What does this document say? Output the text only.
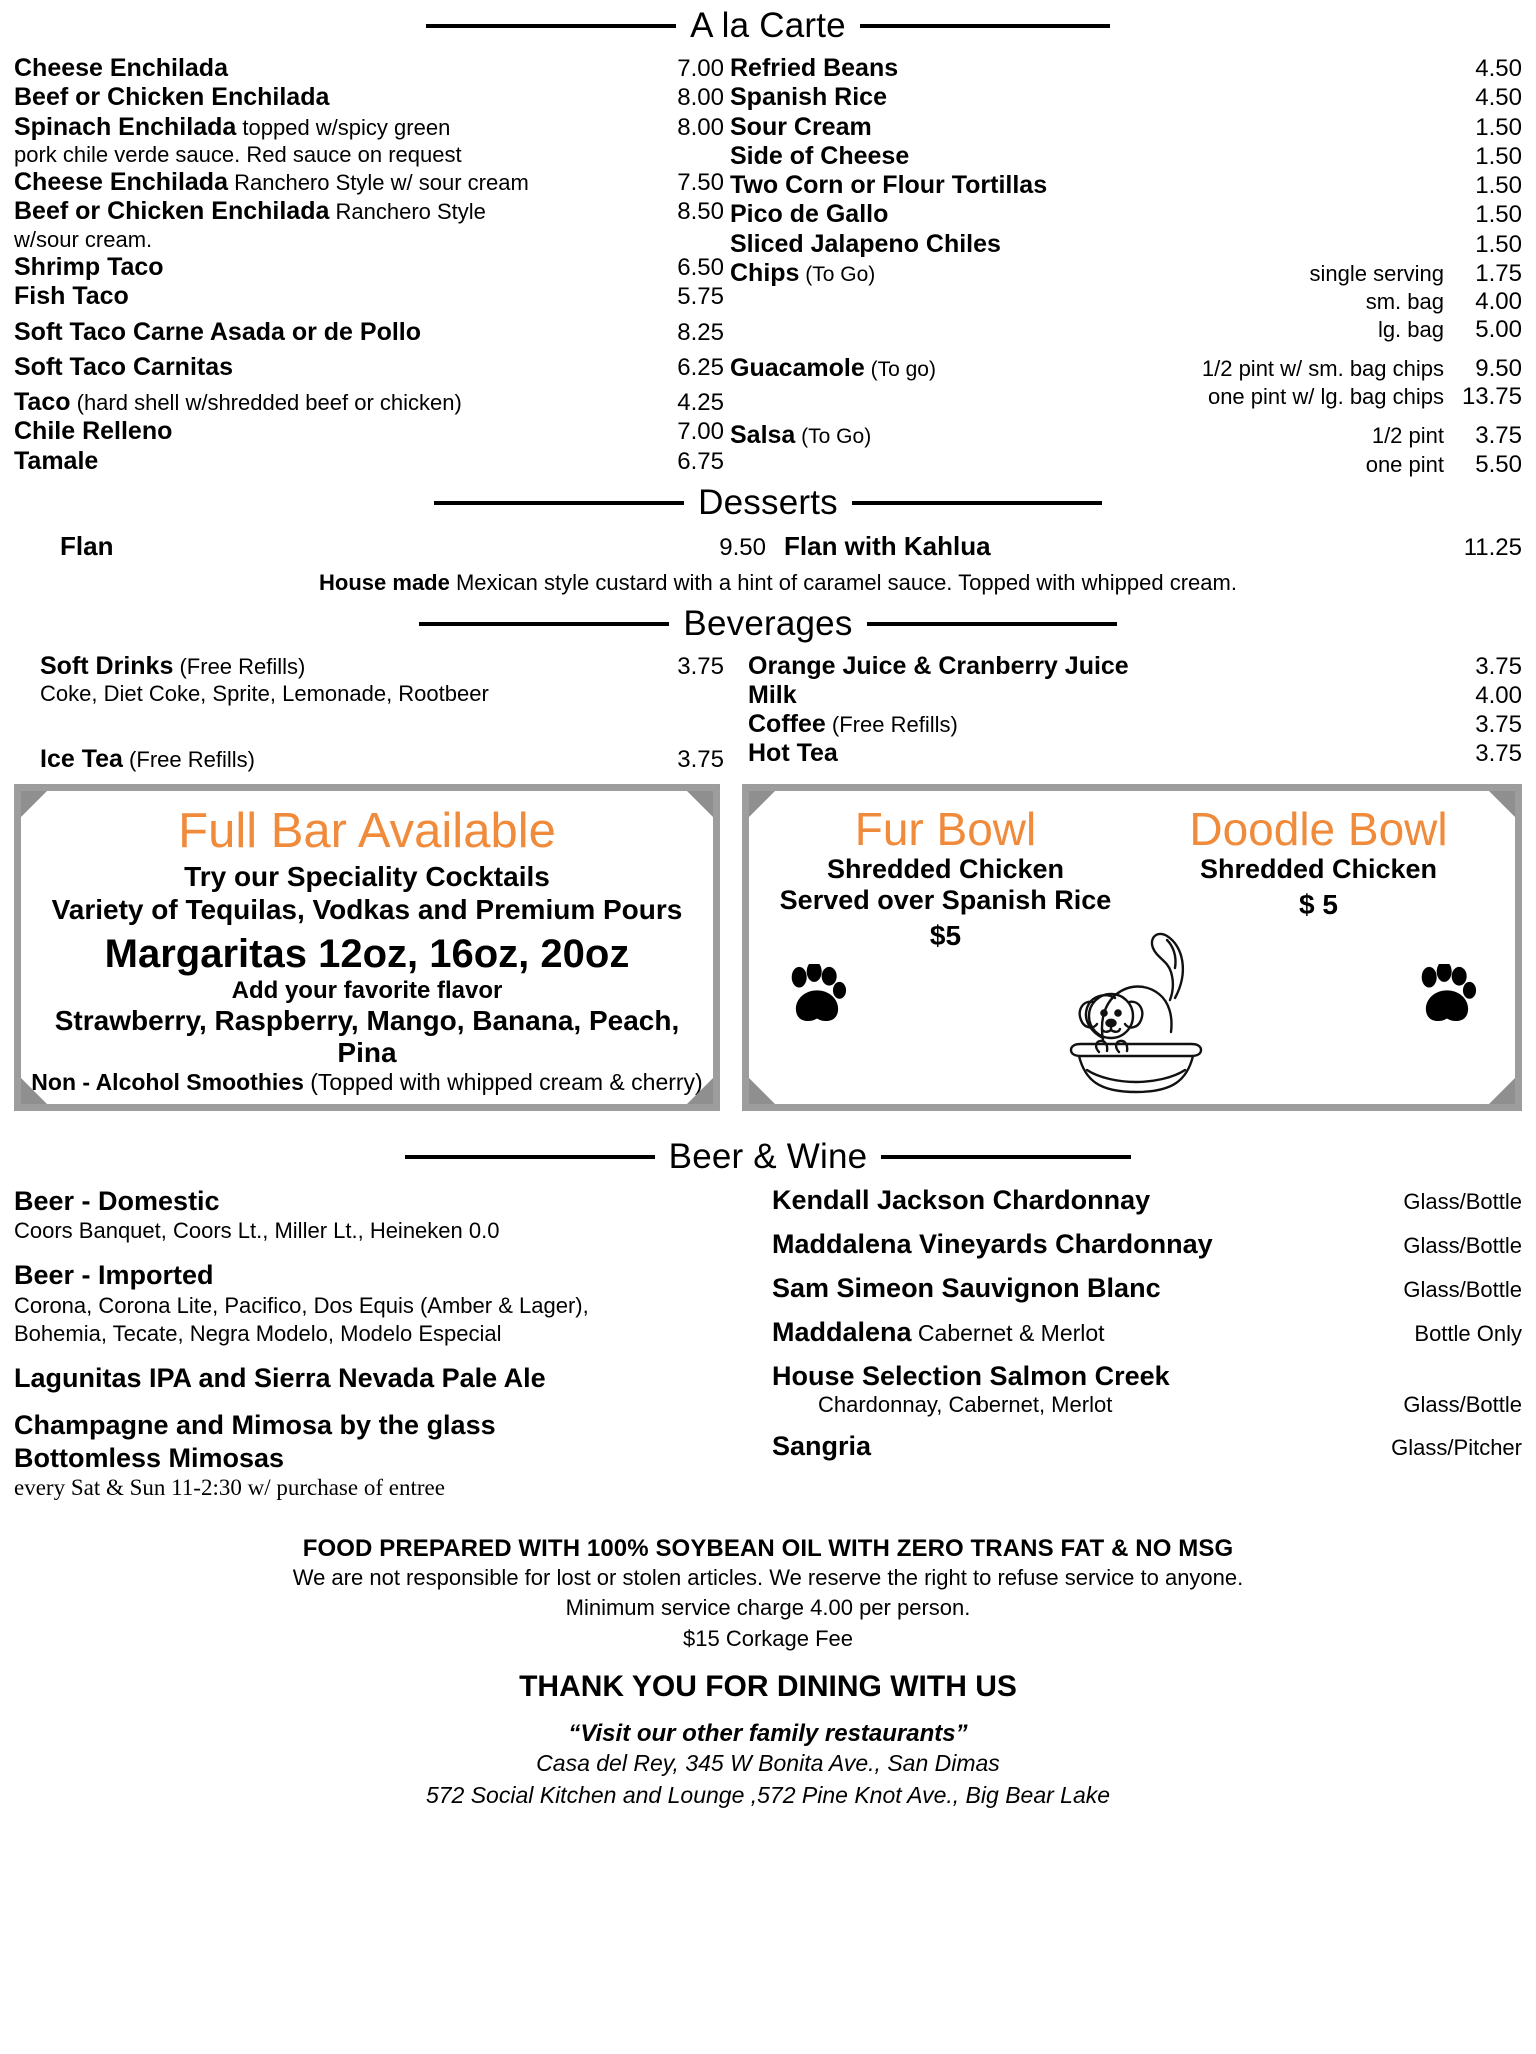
A la Carte
Cheese Enchilada	7.00
Beef or Chicken Enchilada	8.00
Spinach Enchilada topped w/spicy green	8.00
pork chile verde sauce. Red sauce on request
Cheese Enchilada Ranchero Style w/ sour cream	7.50
Beef or Chicken Enchilada Ranchero Style	8.50
w/sour cream.
Shrimp Taco	6.50
Fish Taco	5.75
Soft Taco Carne Asada or de Pollo	8.25
Soft Taco Carnitas	6.25
Taco (hard shell w/shredded beef or chicken)	4.25
Chile Relleno	7.00
Tamale	6.75
Refried Beans	4.50
Spanish Rice	4.50
Sour Cream	1.50
Side of Cheese	1.50
Two Corn or Flour Tortillas	1.50
Pico de Gallo	1.50
Sliced Jalapeno Chiles	1.50
Chips (To Go)	single serving	1.75
sm. bag	4.00
lg. bag	5.00
Guacamole (To go)	1/2 pint w/ sm. bag chips	9.50
one pint w/ lg. bag chips 13.75
Salsa (To Go)	1/2 pint	3.75
one pint	5.50
Desserts
Flan	9.50 Flan with Kahlua	11.25
House made Mexican style custard with a hint of caramel sauce. Topped with whipped cream.
Beverages
Soft Drinks (Free Refills)	3.75
Coke, Diet Coke, Sprite, Lemonade, Rootbeer
Ice Tea (Free Refills)	3.75
Orange Juice & Cranberry Juice	3.75
Milk	4.00
Coffee (Free Refills)	3.75
Hot Tea	3.75
Full Bar Available
Try our Speciality Cocktails
Variety of Tequilas, Vodkas and Premium Pours
Margaritas 12oz, 16oz, 20oz
Add your favorite flavor
Strawberry, Raspberry, Mango, Banana, Peach, Pina
Non - Alcohol Smoothies (Topped with whipped cream & cherry)
Fur Bowl
Shredded Chicken
Served over Spanish Rice
$5
Doodle Bowl
Shredded Chicken
$ 5
Beer & Wine
Beer - Domestic
Coors Banquet, Coors Lt., Miller Lt., Heineken 0.0
Beer - Imported
Corona, Corona Lite, Pacifico, Dos Equis (Amber & Lager),
Bohemia, Tecate, Negra Modelo, Modelo Especial
Lagunitas IPA and Sierra Nevada Pale Ale
Champagne and Mimosa by the glass
Bottomless Mimosas
every Sat & Sun 11-2:30 w/ purchase of entree
Kendall Jackson Chardonnay	Glass/Bottle
Maddalena Vineyards Chardonnay	Glass/Bottle
Sam Simeon Sauvignon Blanc	Glass/Bottle
Maddalena Cabernet & Merlot	Bottle Only
House Selection Salmon Creek
Chardonnay, Cabernet, Merlot	Glass/Bottle
Sangria	Glass/Pitcher
FOOD PREPARED WITH 100% SOYBEAN OIL WITH ZERO TRANS FAT & NO MSG
We are not responsible for lost or stolen articles. We reserve the right to refuse service to anyone.
Minimum service charge 4.00 per person.
$15 Corkage Fee
THANK YOU FOR DINING WITH US
“Visit our other family restaurants”
Casa del Rey, 345 W Bonita Ave., San Dimas
572 Social Kitchen and Lounge ,572 Pine Knot Ave., Big Bear Lake
